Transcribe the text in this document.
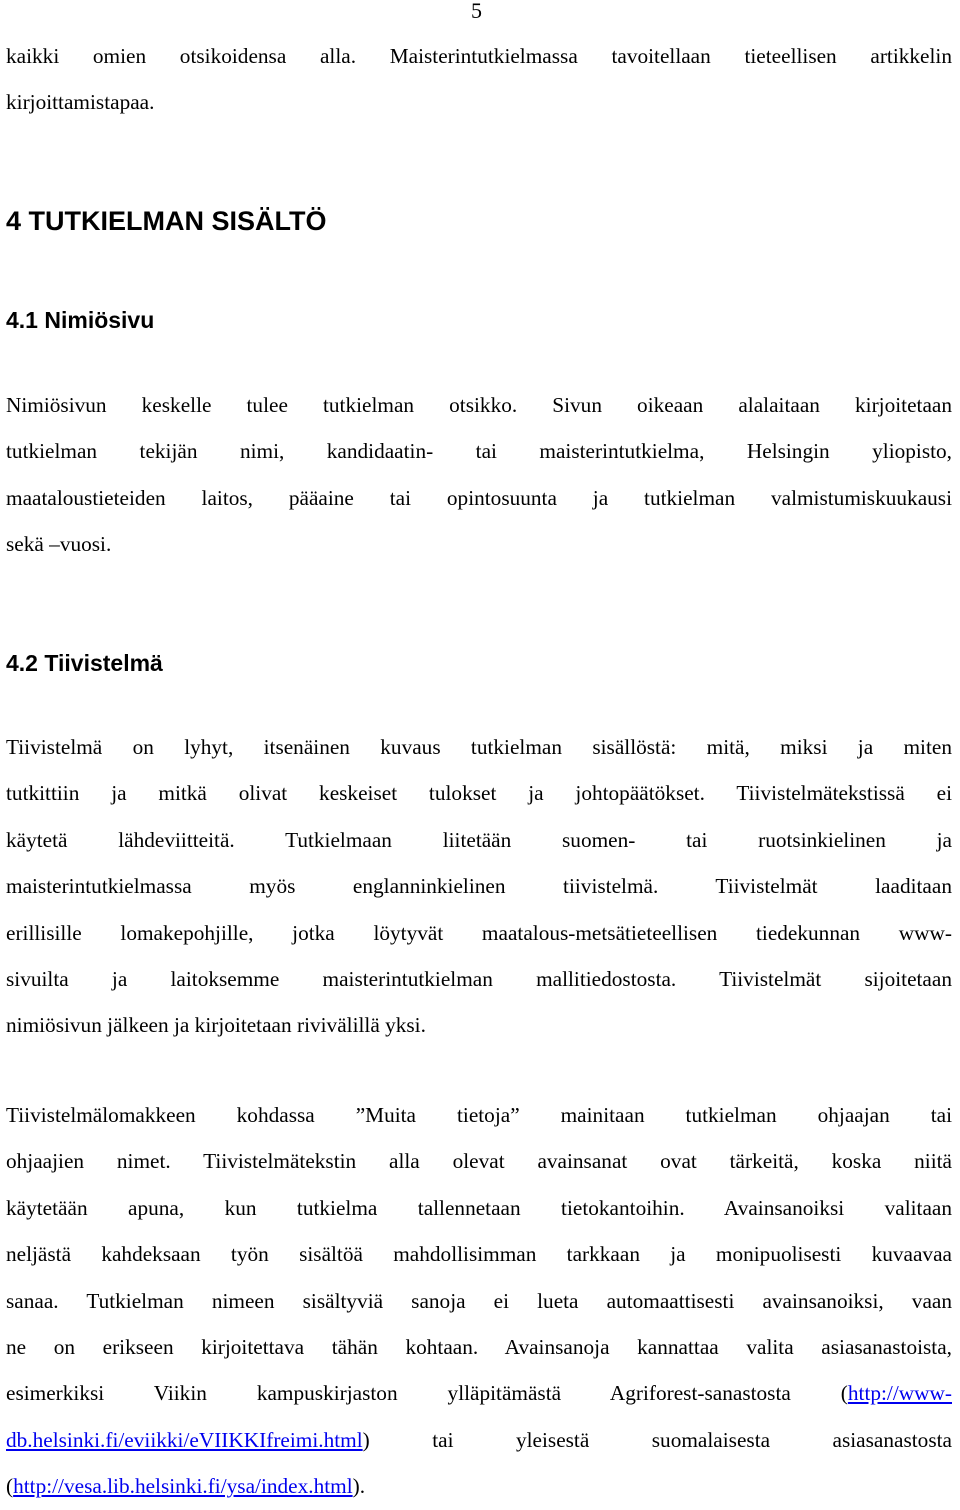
5
kaikki omien otsikoidensa alla. Maisterintutkielmassa tavoitellaan tieteellisen artikkelin
kirjoittamistapaa.
4 TUTKIELMAN SISÄLTÖ
4.1 Nimiösivu
Nimiösivun keskelle tulee tutkielman otsikko. Sivun oikeaan alalaitaan kirjoitetaan
tutkielman tekijän nimi, kandidaatin- tai maisterintutkielma, Helsingin yliopisto,
maataloustieteiden laitos, pääaine tai opintosuunta ja tutkielman valmistumiskuukausi
sekä –vuosi.
4.2 Tiivistelmä
Tiivistelmä on lyhyt, itsenäinen kuvaus tutkielman sisällöstä: mitä, miksi ja miten
tutkittiin ja mitkä olivat keskeiset tulokset ja johtopäätökset. Tiivistelmätekstissä ei
käytetä lähdeviitteitä. Tutkielmaan liitetään suomen- tai ruotsinkielinen ja
maisterintutkielmassa myös englanninkielinen tiivistelmä. Tiivistelmät laaditaan
erillisille lomakepohjille, jotka löytyvät maatalous-metsätieteellisen tiedekunnan www-
sivuilta ja laitoksemme maisterintutkielman mallitiedostosta. Tiivistelmät sijoitetaan
nimiösivun jälkeen ja kirjoitetaan rivivälillä yksi.
Tiivistelmälomakkeen kohdassa ”Muita tietoja” mainitaan tutkielman ohjaajan tai
ohjaajien nimet. Tiivistelmätekstin alla olevat avainsanat ovat tärkeitä, koska niitä
käytetään apuna, kun tutkielma tallennetaan tietokantoihin. Avainsanoiksi valitaan
neljästä kahdeksaan työn sisältöä mahdollisimman tarkkaan ja monipuolisesti kuvaavaa
sanaa. Tutkielman nimeen sisältyviä sanoja ei lueta automaattisesti avainsanoiksi, vaan
ne on erikseen kirjoitettava tähän kohtaan. Avainsanoja kannattaa valita asiasanastoista,
esimerkiksi Viikin kampuskirjaston ylläpitämästä Agriforest-sanastosta (http://www-
db.helsinki.fi/eviikki/eVIIKKIfreimi.html) tai yleisestä suomalaisesta asiasanastosta
(http://vesa.lib.helsinki.fi/ysa/index.html).
